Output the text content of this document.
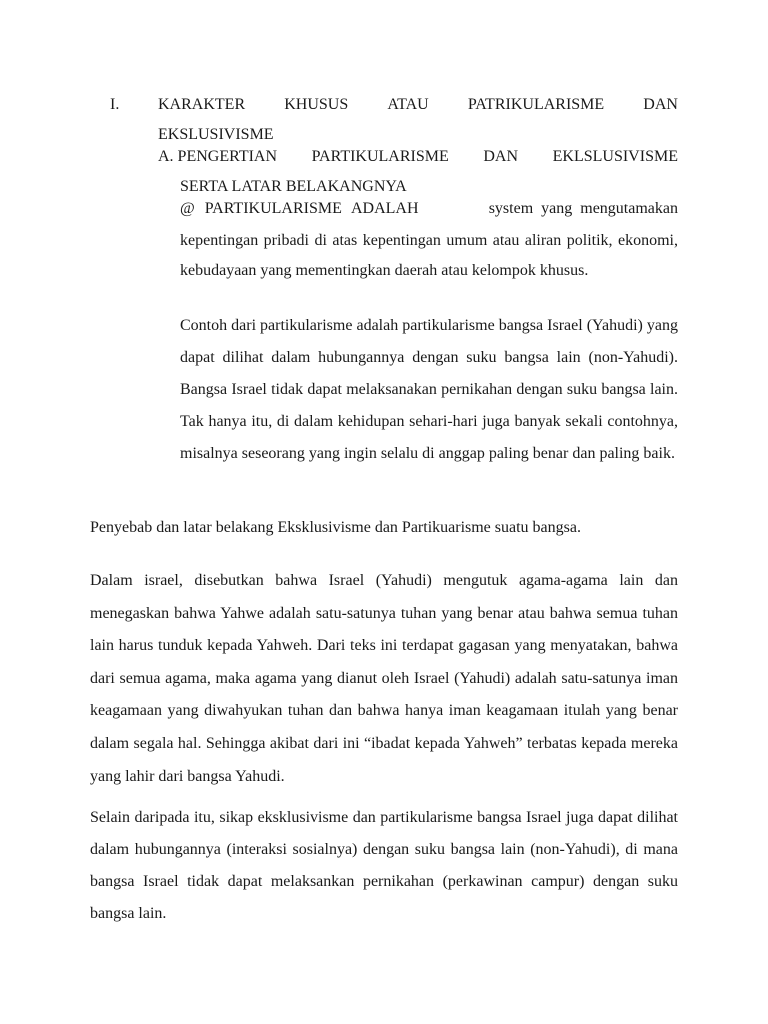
I. KARAKTER KHUSUS ATAU PATRIKULARISME DAN
EKSLUSIVISME
A. PENGERTIAN PARTIKULARISME DAN EKLSLUSIVISME
SERTA LATAR BELAKANGNYA
@ PARTIKULARISME ADALAH	system yang mengutamakan

kepentingan pribadi di atas kepentingan umum atau aliran politik, ekonomi, kebudayaan yang mementingkan daerah atau kelompok khusus.

Contoh dari partikularisme adalah partikularisme bangsa Israel (Yahudi) yang dapat dilihat dalam hubungannya dengan suku bangsa lain (non-Yahudi). Bangsa Israel tidak dapat melaksanakan pernikahan dengan suku bangsa lain. Tak hanya itu, di dalam kehidupan sehari-hari juga banyak sekali contohnya, misalnya seseorang yang ingin selalu di anggap paling benar dan paling baik.

Penyebab dan latar belakang Eksklusivisme dan Partikuarisme suatu bangsa.

Dalam israel, disebutkan bahwa Israel (Yahudi) mengutuk agama-agama lain dan menegaskan bahwa Yahwe adalah satu-satunya tuhan yang benar atau bahwa semua tuhan lain harus tunduk kepada Yahweh. Dari teks ini terdapat gagasan yang menyatakan, bahwa dari semua agama, maka agama yang dianut oleh Israel (Yahudi) adalah satu-satunya iman keagamaan yang diwahyukan tuhan dan bahwa hanya iman keagamaan itulah yang benar dalam segala hal. Sehingga akibat dari ini “ibadat kepada Yahweh” terbatas kepada mereka yang lahir dari bangsa Yahudi.

Selain daripada itu, sikap eksklusivisme dan partikularisme bangsa Israel juga dapat dilihat dalam hubungannya (interaksi sosialnya) dengan suku bangsa lain (non-Yahudi), di mana bangsa Israel tidak dapat melaksankan pernikahan (perkawinan campur) dengan suku bangsa lain.
